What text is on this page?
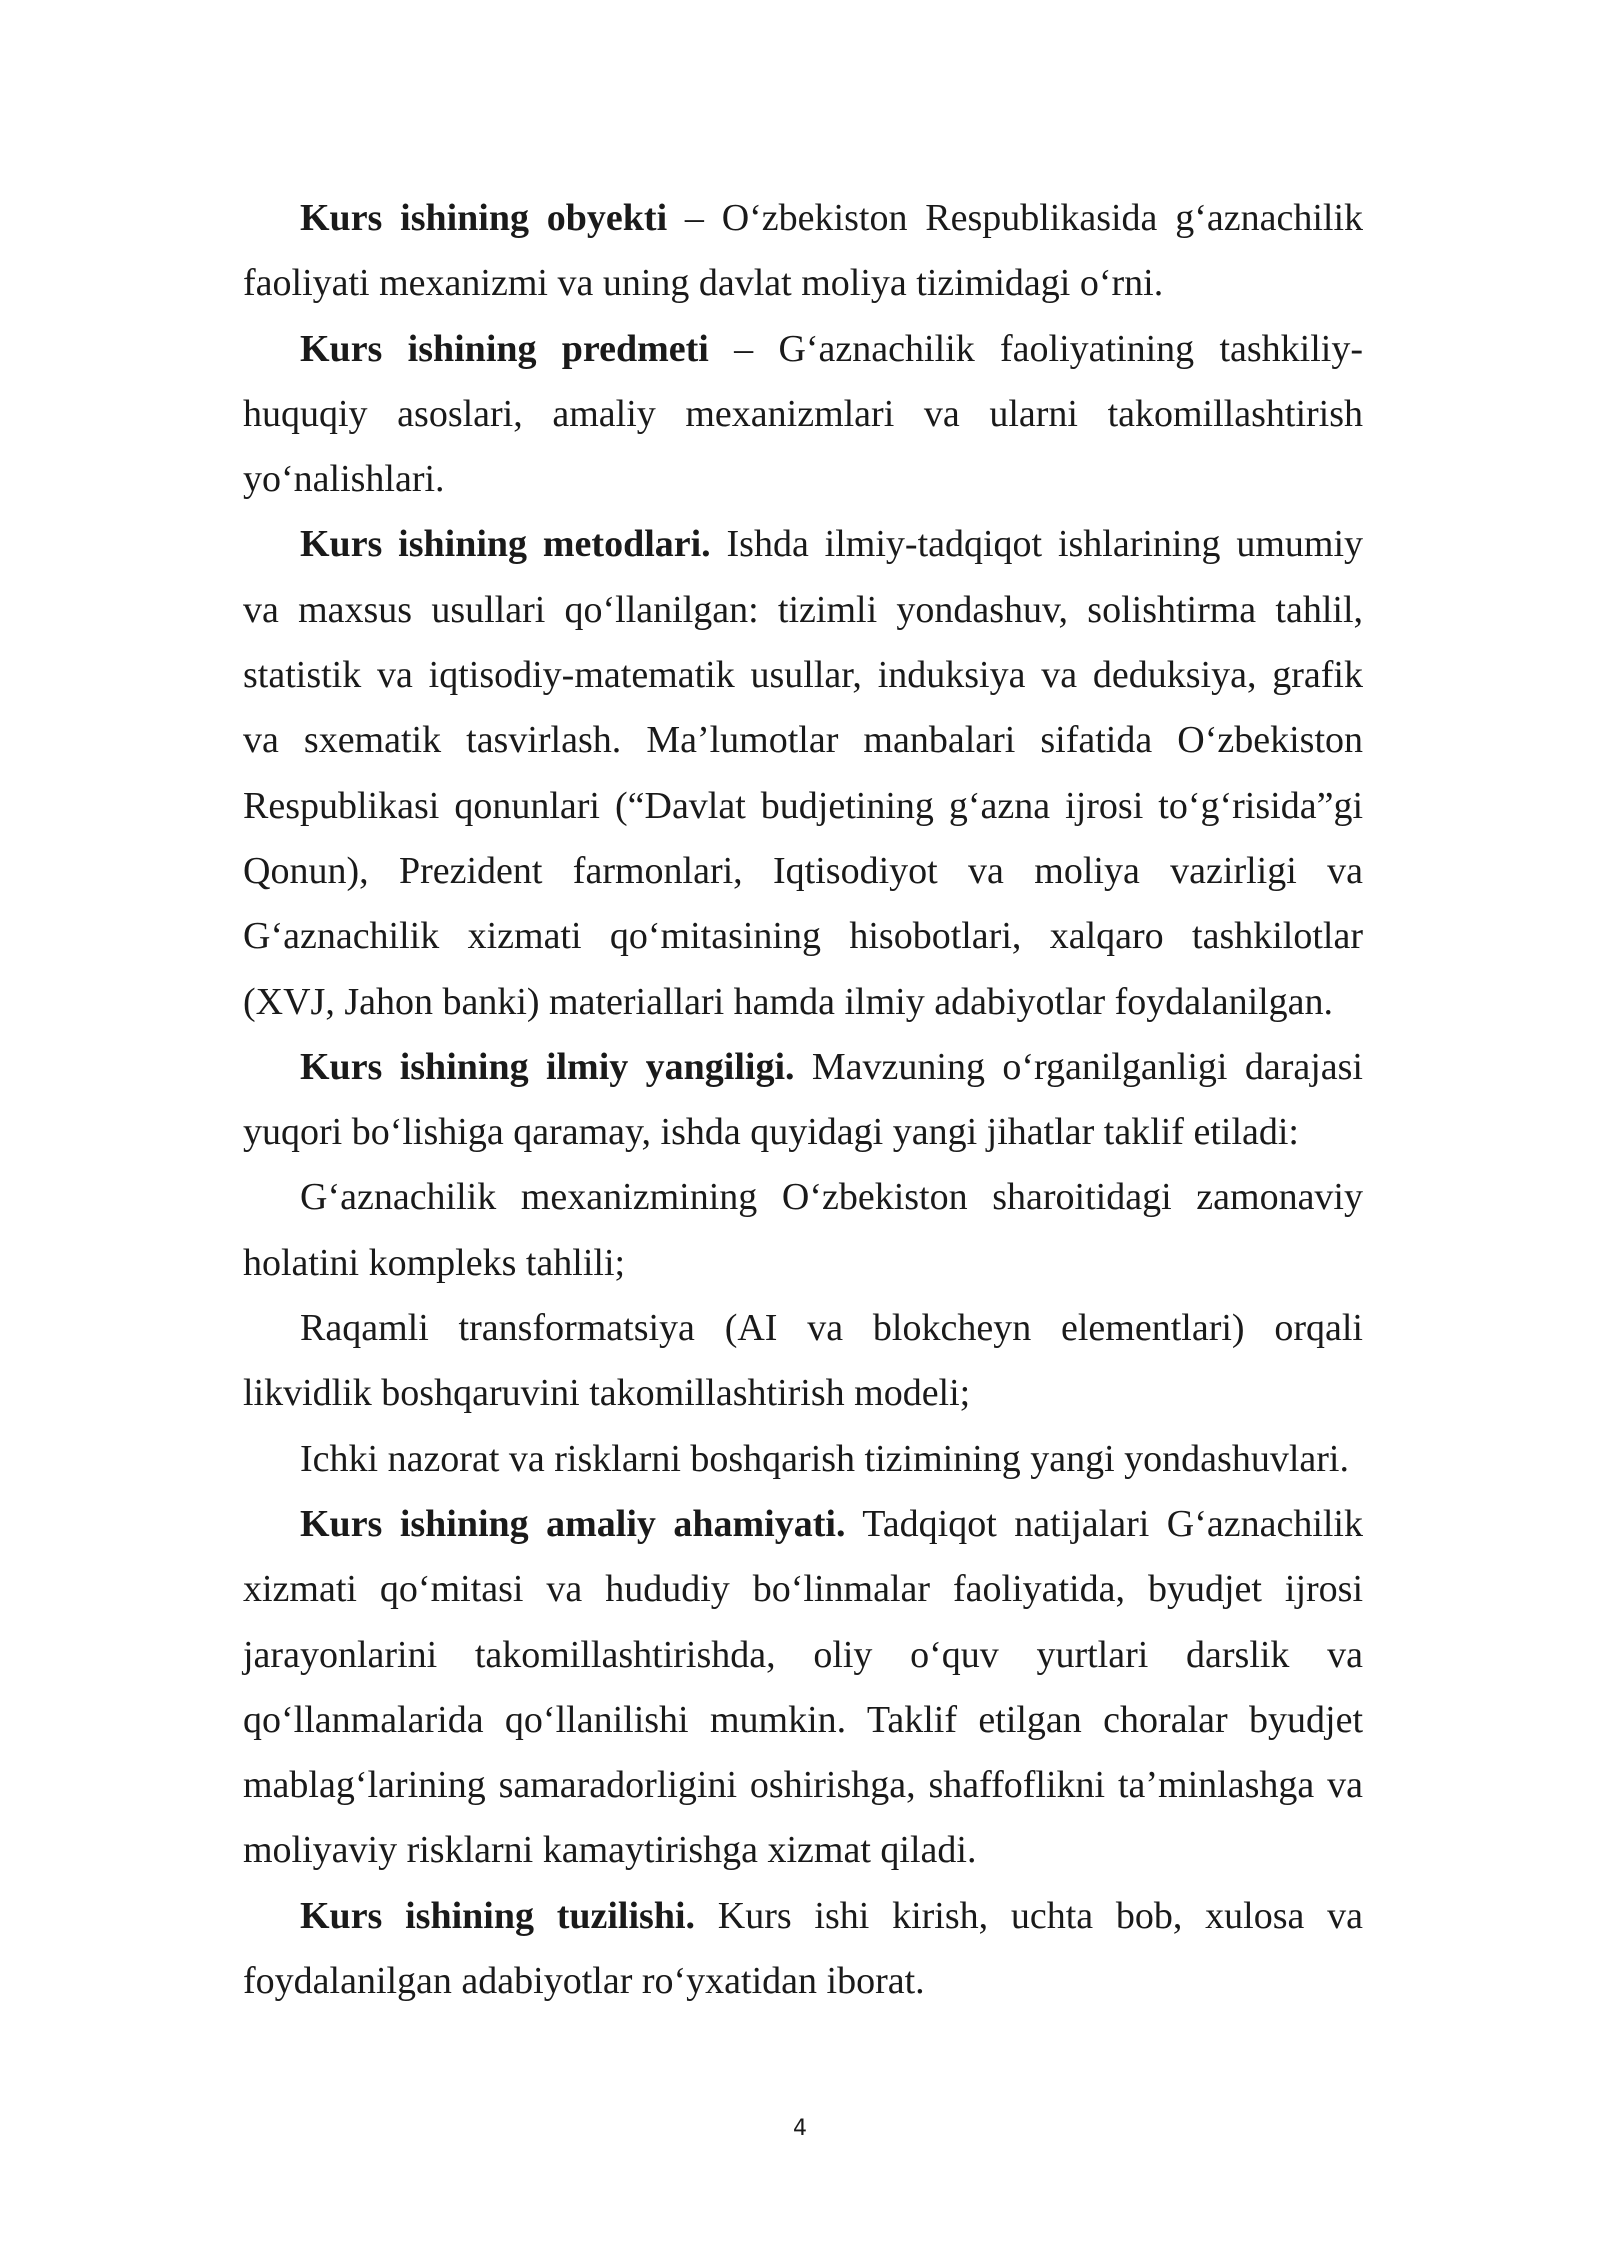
Kurs ishining obyekti – O‘zbekiston Respublikasida g‘aznachilik faoliyati mexanizmi va uning davlat moliya tizimidagi o‘rni.

Kurs ishining predmeti – G‘aznachilik faoliyatining tashkiliy-huquqiy asoslari, amaliy mexanizmlari va ularni takomillashtirish yo‘nalishlari.

Kurs ishining metodlari. Ishda ilmiy-tadqiqot ishlarining umumiy va maxsus usullari qo‘llanilgan: tizimli yondashuv, solishtirma tahlil, statistik va iqtisodiy-matematik usullar, induksiya va deduksiya, grafik va sxematik tasvirlash. Ma’lumotlar manbalari sifatida O‘zbekiston Respublikasi qonunlari (“Davlat budjetining g‘azna ijrosi to‘g‘risida”gi Qonun), Prezident farmonlari, Iqtisodiyot va moliya vazirligi va G‘aznachilik xizmati qo‘mitasining hisobotlari, xalqaro tashkilotlar (XVJ, Jahon banki) materiallari hamda ilmiy adabiyotlar foydalanilgan.

Kurs ishining ilmiy yangiligi. Mavzuning o‘rganilganligi darajasi yuqori bo‘lishiga qaramay, ishda quyidagi yangi jihatlar taklif etiladi:

G‘aznachilik mexanizmining O‘zbekiston sharoitidagi zamonaviy holatini kompleks tahlili;

Raqamli transformatsiya (AI va blokcheyn elementlari) orqali likvidlik boshqaruvini takomillashtirish modeli;

Ichki nazorat va risklarni boshqarish tizimining yangi yondashuvlari.

Kurs ishining amaliy ahamiyati. Tadqiqot natijalari G‘aznachilik xizmati qo‘mitasi va hududiy bo‘linmalar faoliyatida, byudjet ijrosi jarayonlarini takomillashtirishda, oliy o‘quv yurtlari darslik va qo‘llanmalarida qo‘llanilishi mumkin. Taklif etilgan choralar byudjet mablag‘larining samaradorligini oshirishga, shaffoflikni ta’minlashga va moliyaviy risklarni kamaytirishga xizmat qiladi.

Kurs ishining tuzilishi. Kurs ishi kirish, uchta bob, xulosa va foydalanilgan adabiyotlar ro‘yxatidan iborat.

4
